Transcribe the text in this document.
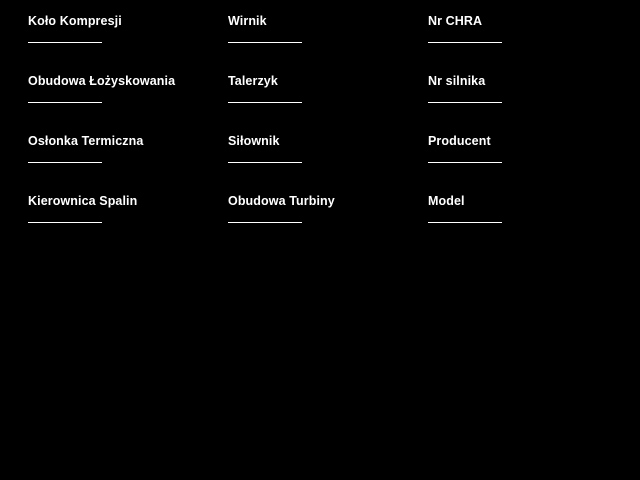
Koło Kompresji	Wirnik	Nr CHRA
Obudowa Łożyskowania	Talerzyk	Nr silnika
Osłonka Termiczna	Siłownik	Producent
Kierownica Spalin	Obudowa Turbiny	Model
